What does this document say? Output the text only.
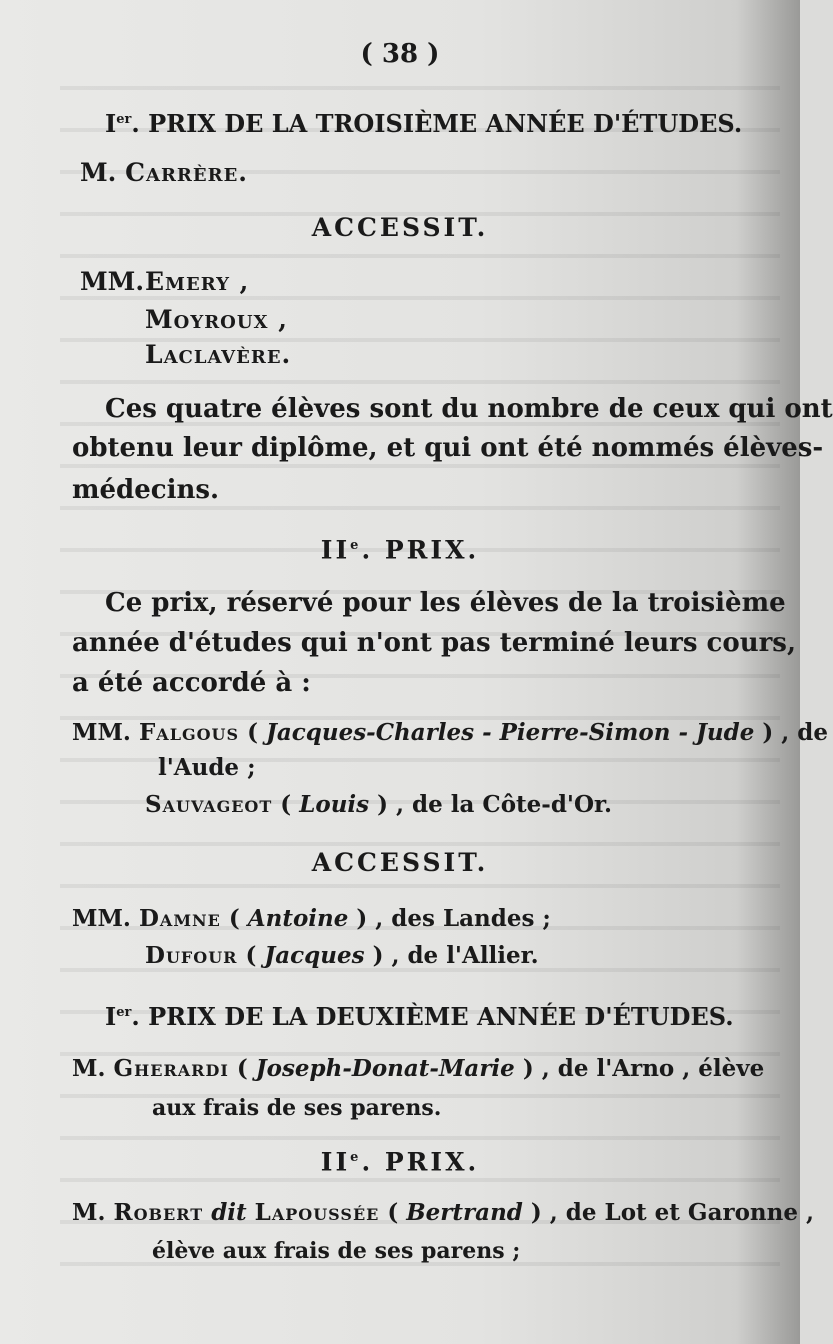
( 38 )
Ier. PRIX DE LA TROISIÈME ANNÉE D'ÉTUDES.
M. Carrère.
ACCESSIT.
MM. Emery ,
Moyroux ,
Laclavère.
Ces quatre élèves sont du nombre de ceux qui ont
obtenu leur diplôme, et qui ont été nommés élèves-
médecins.
IIe. PRIX.
Ce prix, réservé pour les élèves de la troisième
année d'études qui n'ont pas terminé leurs cours,
a été accordé à :
MM. Falgous ( Jacques-Charles - Pierre-Simon - Jude ) , de
l'Aude ;
Sauvageot ( Louis ) , de la Côte-d'Or.
ACCESSIT.
MM. Damne ( Antoine ) , des Landes ;
Dufour ( Jacques ) , de l'Allier.
Ier. PRIX DE LA DEUXIÈME ANNÉE D'ÉTUDES.
M. Gherardi ( Joseph-Donat-Marie ) , de l'Arno , élève
aux frais de ses parens.
IIe. PRIX.
M. Robert dit Lapoussée ( Bertrand ) , de Lot et Garonne ,
élève aux frais de ses parens ;
